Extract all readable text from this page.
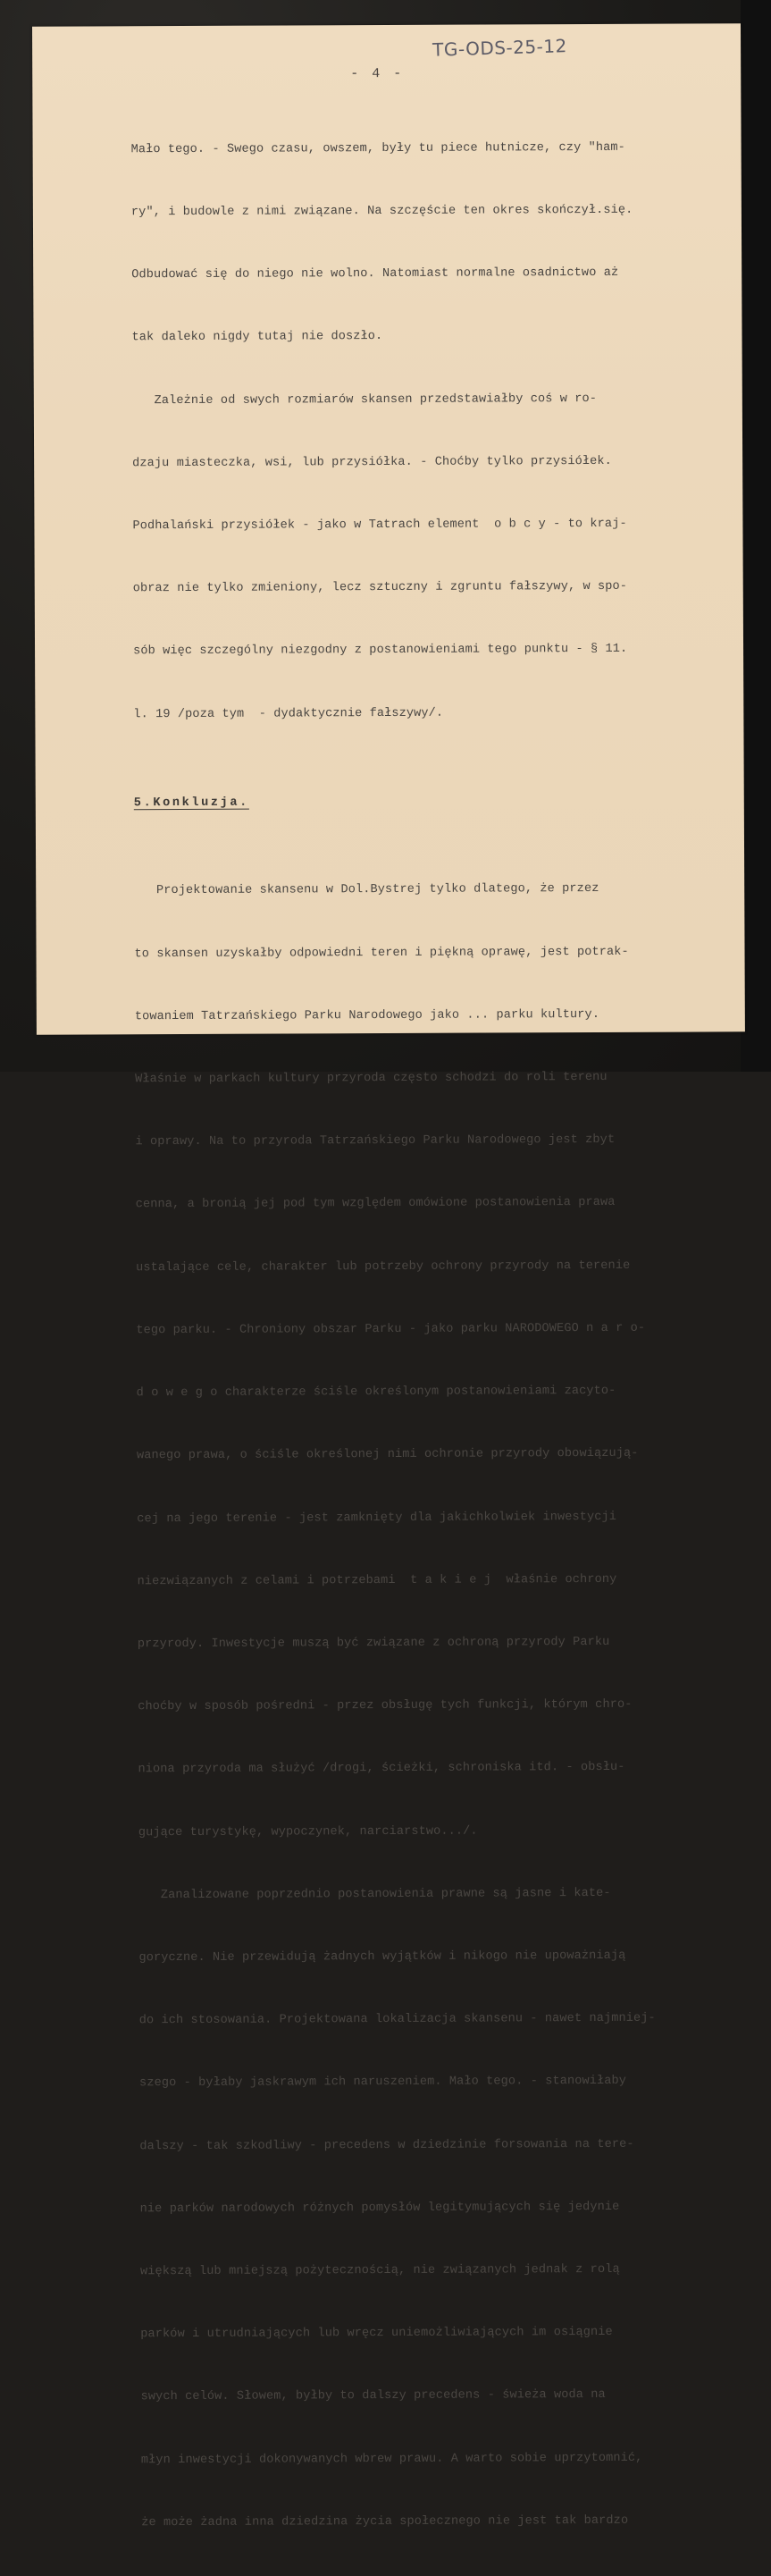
TG-ODS-25-12
- 4 -

Mało tego. - Swego czasu, owszem, były tu piece hutnicze, czy "ham-

ry", i budowle z nimi związane. Na szczęście ten okres skończył.się.

Odbudować się do niego nie wolno. Natomiast normalne osadnictwo aż

tak daleko nigdy tutaj nie doszło.

Zależnie od swych rozmiarów skansen przedstawiałby coś w ro-

dzaju miasteczka, wsi, lub przysiółka. - Choćby tylko przysiółek.

Podhalański przysiółek - jako w Tatrach element  o b c y - to kraj-

obraz nie tylko zmieniony, lecz sztuczny i zgruntu fałszywy, w spo-

sób więc szczególny niezgodny z postanowieniami tego punktu - § 11.

l. 19 /poza tym  - dydaktycznie fałszywy/.

5.Konkluzja.

Projektowanie skansenu w Dol.Bystrej tylko dlatego, że przez

to skansen uzyskałby odpowiedni teren i piękną oprawę, jest potrak-

towaniem Tatrzańskiego Parku Narodowego jako ... parku kultury.

Właśnie w parkach kultury przyroda często schodzi do roli terenu

i oprawy. Na to przyroda Tatrzańskiego Parku Narodowego jest zbyt

cenna, a bronią jej pod tym względem omówione postanowienia prawa

ustalające cele, charakter lub potrzeby ochrony przyrody na terenie

tego parku. - Chroniony obszar Parku - jako parku NARODOWEGO n a r o-

d o w e g o charakterze ściśle określonym postanowieniami zacyto-

wanego prawa, o ściśle określonej nimi ochronie przyrody obowiązują-

cej na jego terenie - jest zamknięty dla jakichkolwiek inwestycji

niezwiązanych z celami i potrzebami  t a k i e j  właśnie ochrony

przyrody. Inwestycje muszą być związane z ochroną przyrody Parku

choćby w sposób pośredni - przez obsługę tych funkcji, którym chro-

niona przyroda ma służyć /drogi, ścieżki, schroniska itd. - obsłu-

gujące turystykę, wypoczynek, narciarstwo.../.

Zanalizowane poprzednio postanowienia prawne są jasne i kate-

goryczne. Nie przewidują żadnych wyjątków i nikogo nie upoważniają

do ich stosowania. Projektowana lokalizacja skansenu - nawet najmniej-

szego - byłaby jaskrawym ich naruszeniem. Mało tego. - stanowiłaby

dalszy - tak szkodliwy - precedens w dziedzinie forsowania na tere-

nie parków narodowych różnych pomysłów legitymujących się jedynie

większą lub mniejszą pożytecznością, nie związanych jednak z rolą

parków i utrudniających lub wręcz uniemożliwiających im osiągnie

swych celów. Słowem, byłby to dalszy precedens - świeża woda na

młyn inwestycji dokonywanych wbrew prawu. A warto sobie uprzytomnić,

że może żadna inna dziedzina życia społecznego nie jest tak bardzo
